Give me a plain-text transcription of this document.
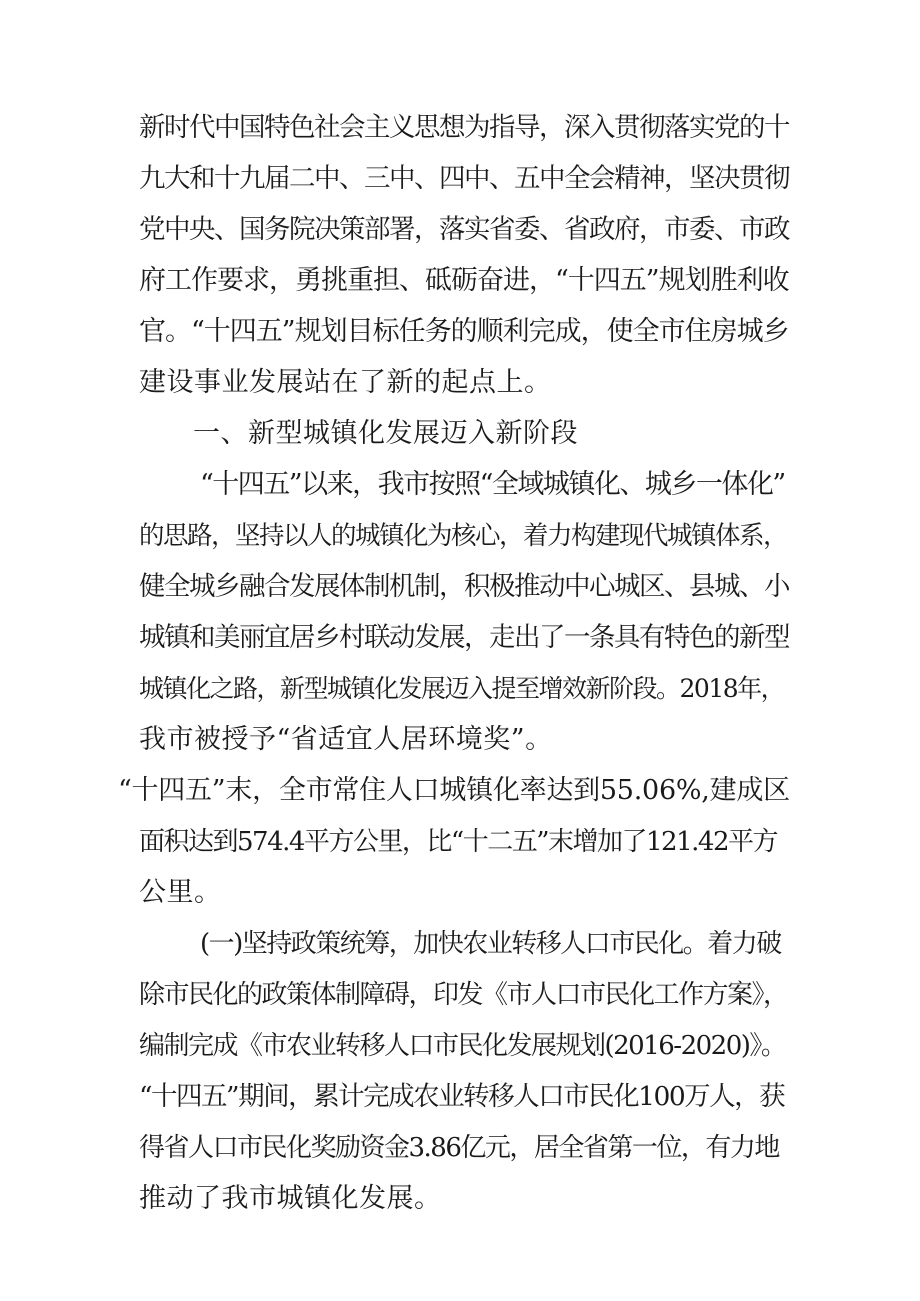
新时代中国特色社会主义思想为指导，深入贯彻落实党的十
九大和十九届二中、三中、四中、五中全会精神，坚决贯彻
党中央、国务院决策部署，落实省委、省政府，市委、市政
府工作要求，勇挑重担、砥砺奋进，“十四五”规划胜利收
官。“十四五”规划目标任务的顺利完成，使全市住房城乡
建设事业发展站在了新的起点上。
一、新型城镇化发展迈入新阶段
“十四五”以来，我市按照“全域城镇化、城乡一体化”
的思路，坚持以人的城镇化为核心，着力构建现代城镇体系，
健全城乡融合发展体制机制，积极推动中心城区、县城、小
城镇和美丽宜居乡村联动发展，走出了一条具有特色的新型
城镇化之路，新型城镇化发展迈入提至增效新阶段。2018年，
我市被授予“省适宜人居环境奖”。
“十四五”末，全市常住人口城镇化率达到55.06%,建成区
面积达到574.4平方公里，比“十二五”末增加了121.42平方
公里。
(一)坚持政策统筹，加快农业转移人口市民化。着力破
除市民化的政策体制障碍，印发《市人口市民化工作方案》，
编制完成《市农业转移人口市民化发展规划(2016-2020)》。
“十四五”期间，累计完成农业转移人口市民化100万人，获
得省人口市民化奖励资金3.86亿元，居全省第一位，有力地
推动了我市城镇化发展。
